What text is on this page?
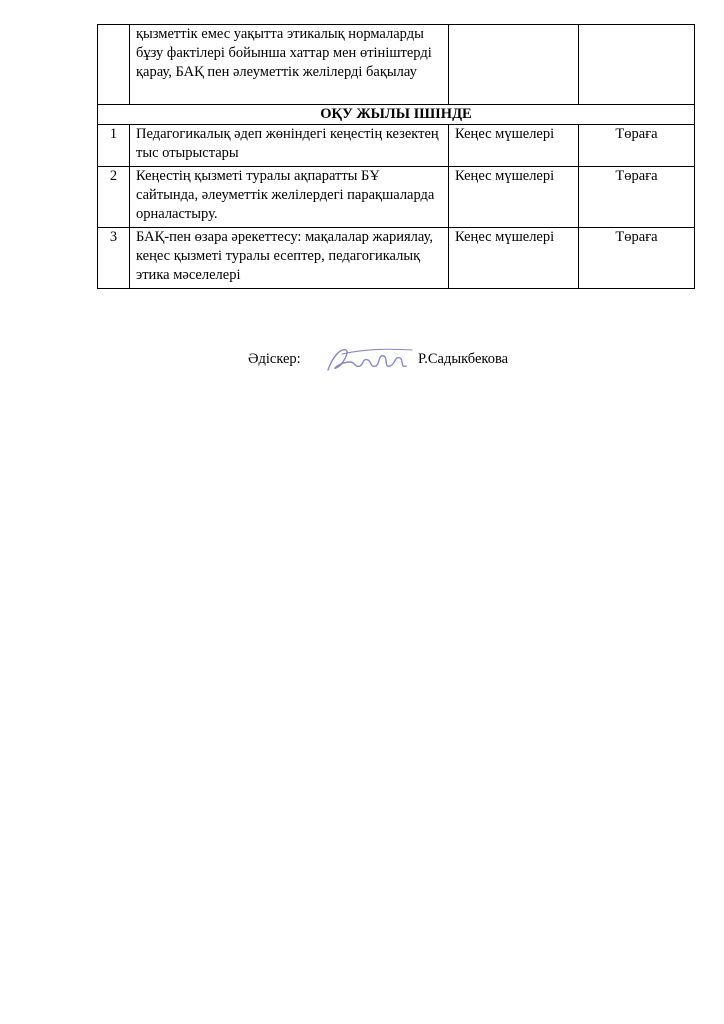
	қызметтік емес уақытта этикалық нормаларды бұзу фактілері бойынша хаттар мен өтініштерді қарау, БАҚ пен әлеуметтік желілерді бақылау		
ОҚУ ЖЫЛЫ ІШІНДЕ			
1	Педагогикалық әдеп жөніндегі кеңестің кезектең тыс отырыстары	Кеңес мүшелері	Төраға
2	Кеңестің қызметі туралы ақпаратты БҰ сайтында, әлеуметтік желілердегі парақшаларда орналастыру.	Кеңес мүшелері	Төраға
3	БАҚ-пен өзара әрекеттесу: мақалалар жариялау, кеңес қызметі туралы есептер, педагогикалық этика мәселелері	Кеңес мүшелері	Төраға
Әдіскер:	Р.Садыкбекова
